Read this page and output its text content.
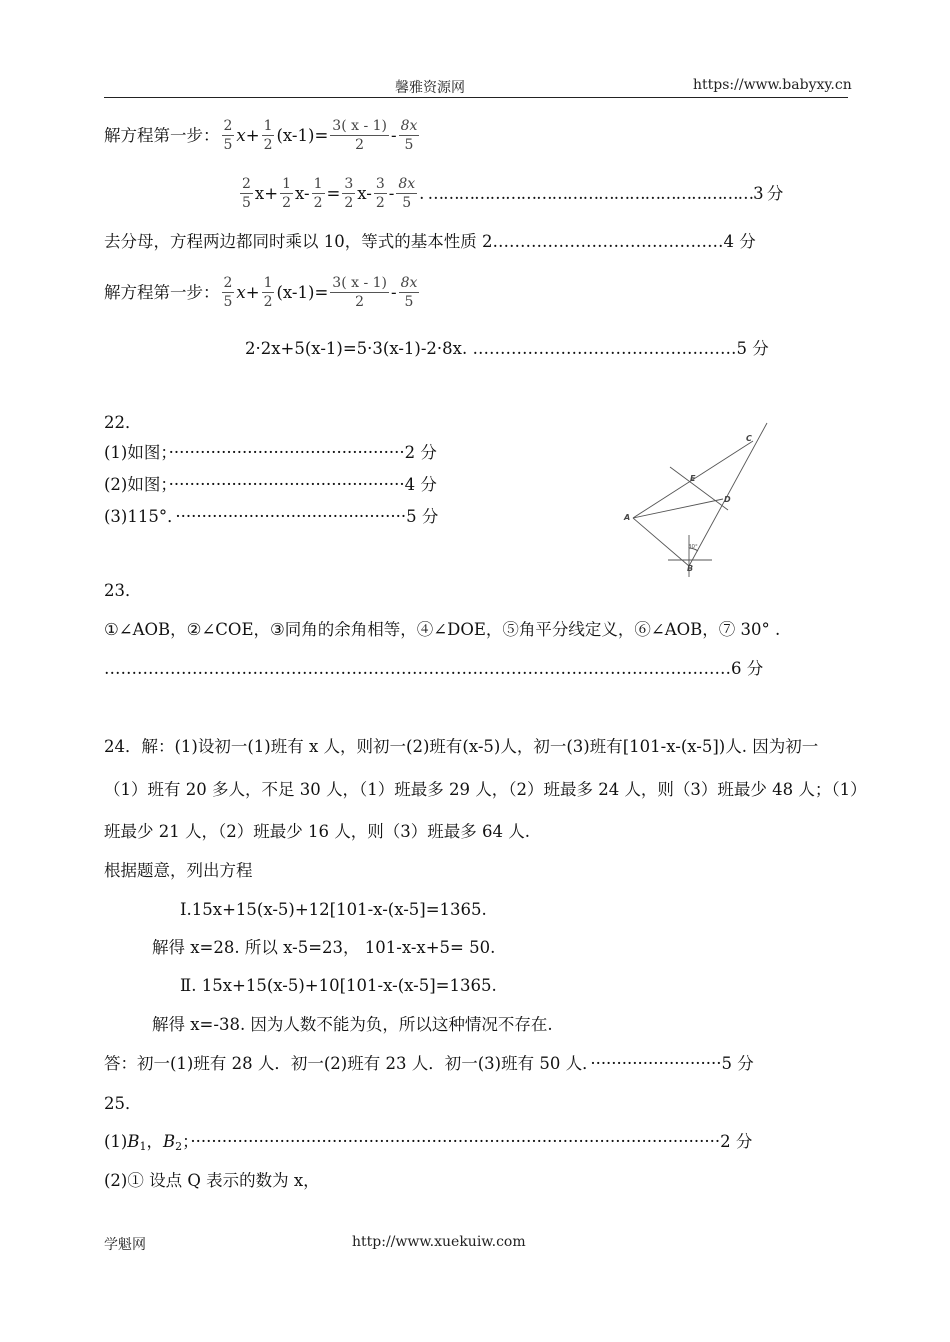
馨雅资源网	https://www.babyxy.cn
解方程第一步： $\frac{2}{5}$ $x + \frac{1}{2} (x-1)= \frac{3( x - 1)}{2} - \frac{8x}{5}$
$\frac{2}{5} x+ \frac{1}{2} x- \frac{1}{2} = \frac{3}{2} x- \frac{3}{2} - \frac{8x}{5}$ . ………………………………………………………3 分
去分母，方程两边都同时乘以 10，等式的基本性质 2……………………………………4 分
解方程第一步： $\frac{2}{5}$ $x + \frac{1}{2} (x-1)= \frac{3( x - 1)}{2} - \frac{8x}{5}$
2·2x+5(x-1)=5·3(x-1)-2·8x. …………………………………………5 分
22．
(1)如图；·············································2 分
(2)如图；·············································4 分
(3)115°．············································5 分
C
E
D
A
B
30°
23．
①∠AOB，②∠COE，③同角的余角相等，④∠DOE，⑤角平分线定义，⑥∠AOB，⑦ 30° .
……………………………………………………………………………………………………6 分
24．解：(1)设初一(1)班有 x 人，则初一(2)班有(x-5)人，初一(3)班有[101-x-(x-5])人. 因为初一
（1）班有 20 多人，不足 30 人，（1）班最多 29 人，（2）班最多 24 人，则（3）班最少 48 人；（1）
班最少 21 人，（2）班最少 16 人，则（3）班最多 64 人.
根据题意，列出方程
Ⅰ.15x+15(x-5)+12[101-x-(x-5]=1365.
解得 x=28. 所以 x-5=23， 101-x-x+5= 50.
Ⅱ. 15x+15(x-5)+10[101-x-(x-5]=1365.
解得 x=-38. 因为人数不能为负，所以这种情况不存在.
答：初一(1)班有 28 人．初一(2)班有 23 人．初一(3)班有 50 人．·························5 分
25．
$(1)B_1$，$B_2$；·····································································································2 分
(2)① 设点 Q 表示的数为 x，
学魁网	http://www.xuekuiw.com
